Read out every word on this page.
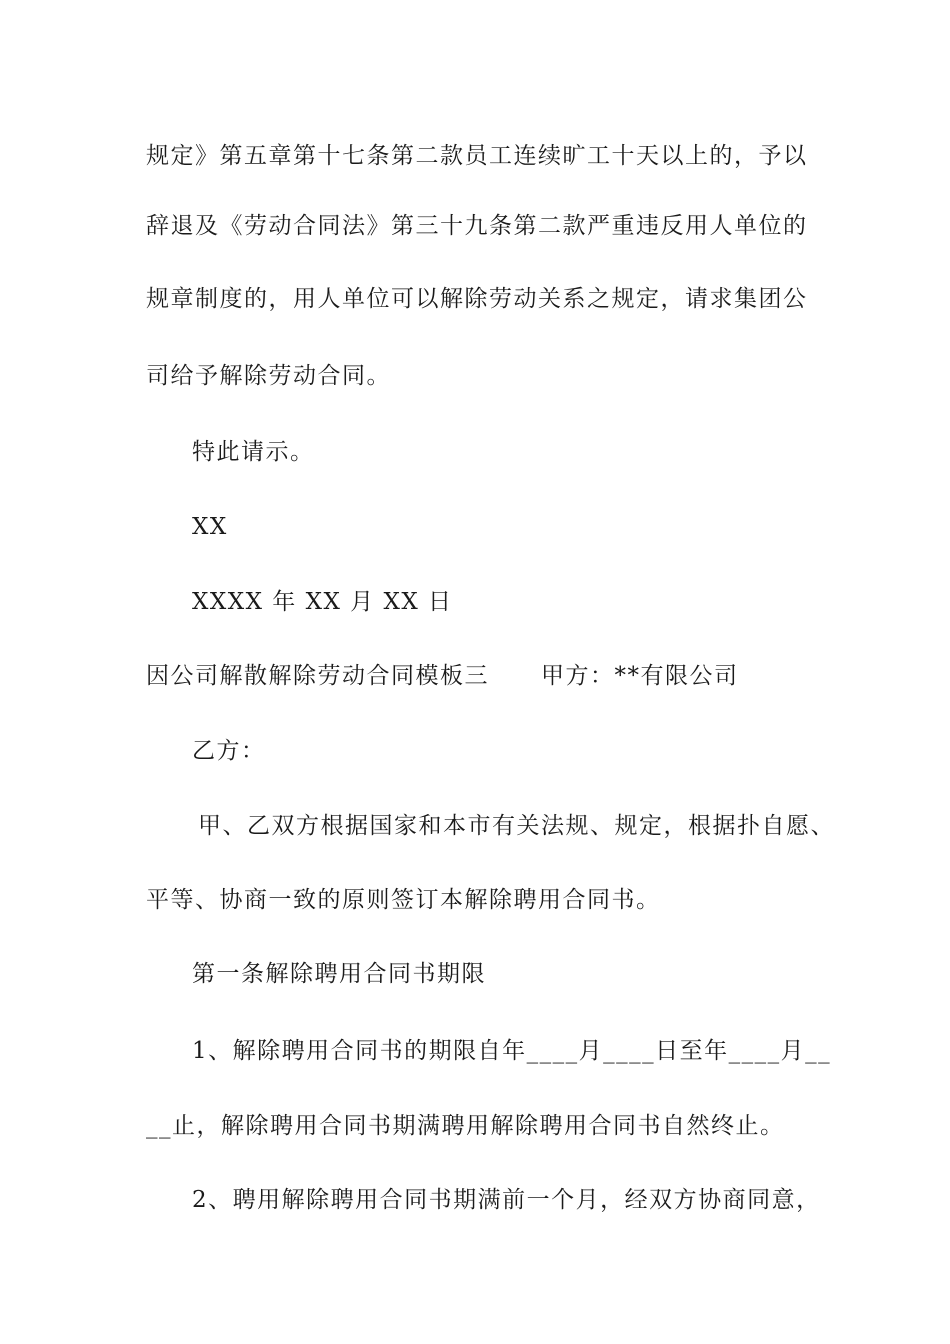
规定》第五章第十七条第二款员工连续旷工十天以上的，予以

辞退及《劳动合同法》第三十九条第二款严重违反用人单位的

规章制度的，用人单位可以解除劳动关系之规定，请求集团公

司给予解除劳动合同。

特此请示。

XX

XXXX 年 XX 月 XX 日

因公司解散解除劳动合同模板三 甲方：**有限公司

乙方：

甲、乙双方根据国家和本市有关法规、规定，根据扑自愿、

平等、协商一致的原则签订本解除聘用合同书。

第一条解除聘用合同书期限

1、解除聘用合同书的期限自年____月____日至年____月__

__止，解除聘用合同书期满聘用解除聘用合同书自然终止。

2、聘用解除聘用合同书期满前一个月，经双方协商同意，
